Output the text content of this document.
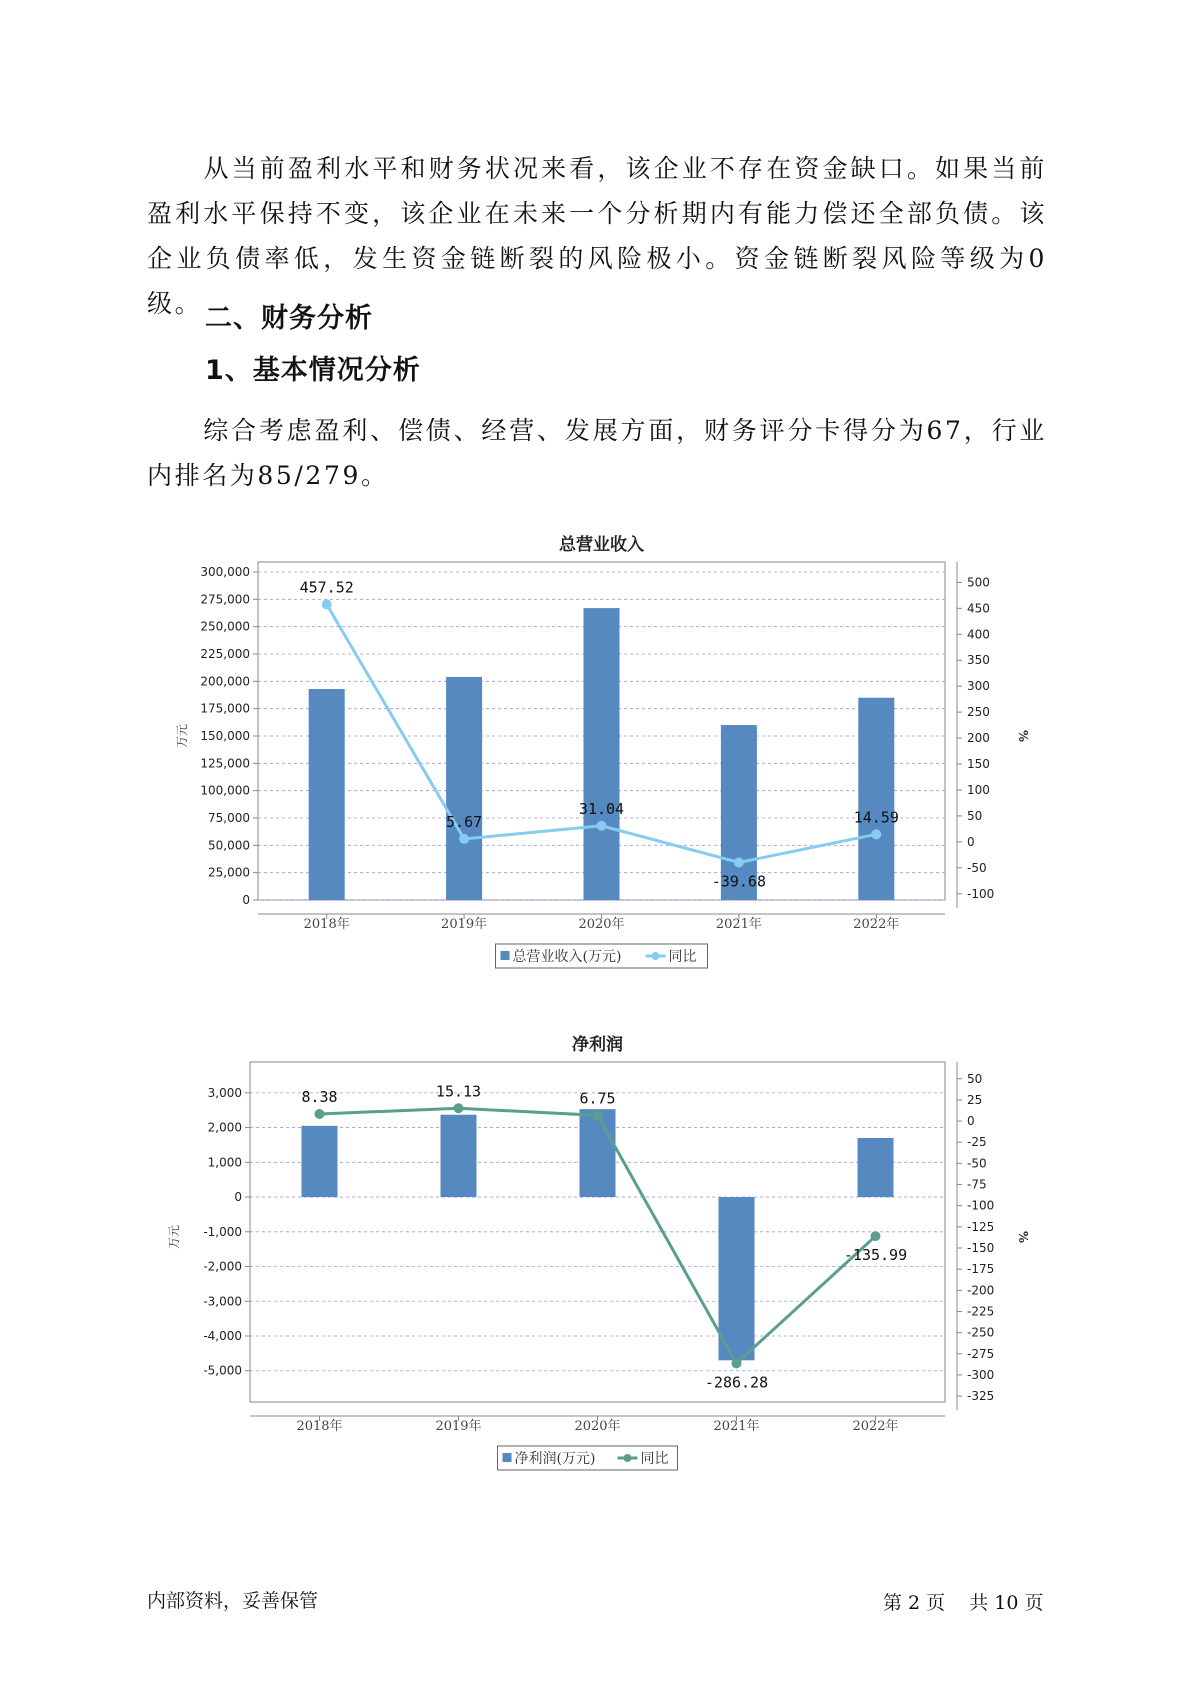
从当前盈利水平和财务状况来看，该企业不存在资金缺口。如果当前盈利水平保持不变，该企业在未来一个分析期内有能力偿还全部负债。该企业负债率低，发生资金链断裂的风险极小。资金链断裂风险等级为0级。 二、财务分析
1、基本情况分析

综合考虑盈利、偿债、经营、发展方面，财务评分卡得分为67，行业内排名为85/279。

总营业收入
0
25,000
50,000
75,000
100,000
125,000
150,000
175,000
200,000
225,000
250,000
275,000
300,000
500
450
400
350
300
250
200
150
100
50
0
-50
-100
万元	%
2018年	2019年	2020年	2021年	2022年
457.52
5.67
31.04
-39.68
14.59
总营业收入(万元)	同比
净利润
3,000
2,000
1,000
0
-1,000
-2,000
-3,000
-4,000
-5,000
50
25
0
-25
-50
-75
-100
-125
-150
-175
-200
-225
-250
-275
-300
-325
万元	%
2018年	2019年	2020年	2021年	2022年
8.38	15.13	6.75
-286.28
-135.99
净利润(万元)	同比
内部资料，妥善保管	第 2 页 共 10 页
